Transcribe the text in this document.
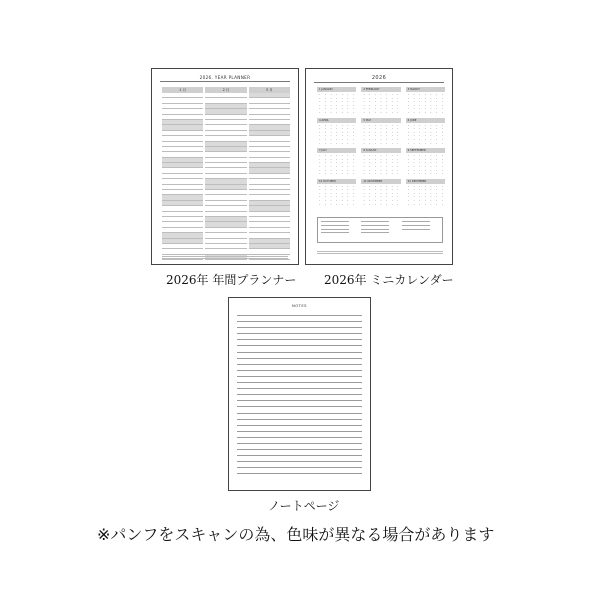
2026. YEAR PLANNER
1 月	2 月	3 月
2026年 年間プランナー
2026
1 JANUARY
·	·	·	·	·	·	·
·	·	·	·	·	·	·
·	·	·	·	·	·	·
·	·	·	·	·	·	·
·	·	·	·	·	·	·
·	·	·	·	·	·	·
2 FEBRUARY
·	·	·	·	·	·	·
·	·	·	·	·	·	·
·	·	·	·	·	·	·
·	·	·	·	·	·	·
·	·	·	·	·	·	·
·	·	·	·	·	·	·
3 MARCH
·	·	·	·	·	·	·
·	·	·	·	·	·	·
·	·	·	·	·	·	·
·	·	·	·	·	·	·
·	·	·	·	·	·	·
·	·	·	·	·	·	·
4 APRIL
·	·	·	·	·	·	·
·	·	·	·	·	·	·
·	·	·	·	·	·	·
·	·	·	·	·	·	·
·	·	·	·	·	·	·
·	·	·	·	·	·	·
5 MAY
·	·	·	·	·	·	·
·	·	·	·	·	·	·
·	·	·	·	·	·	·
·	·	·	·	·	·	·
·	·	·	·	·	·	·
·	·	·	·	·	·	·
6 JUNE
·	·	·	·	·	·	·
·	·	·	·	·	·	·
·	·	·	·	·	·	·
·	·	·	·	·	·	·
·	·	·	·	·	·	·
·	·	·	·	·	·	·
7 JULY
·	·	·	·	·	·	·
·	·	·	·	·	·	·
·	·	·	·	·	·	·
·	·	·	·	·	·	·
·	·	·	·	·	·	·
·	·	·	·	·	·	·
8 AUGUST
·	·	·	·	·	·	·
·	·	·	·	·	·	·
·	·	·	·	·	·	·
·	·	·	·	·	·	·
·	·	·	·	·	·	·
·	·	·	·	·	·	·
9 SEPTEMBER
·	·	·	·	·	·	·
·	·	·	·	·	·	·
·	·	·	·	·	·	·
·	·	·	·	·	·	·
·	·	·	·	·	·	·
·	·	·	·	·	·	·
10 OCTOBER
·	·	·	·	·	·	·
·	·	·	·	·	·	·
·	·	·	·	·	·	·
·	·	·	·	·	·	·
·	·	·	·	·	·	·
·	·	·	·	·	·	·
11 NOVEMBER
·	·	·	·	·	·	·
·	·	·	·	·	·	·
·	·	·	·	·	·	·
·	·	·	·	·	·	·
·	·	·	·	·	·	·
·	·	·	·	·	·	·
12 DECEMBER
·	·	·	·	·	·	·
·	·	·	·	·	·	·
·	·	·	·	·	·	·
·	·	·	·	·	·	·
·	·	·	·	·	·	·
·	·	·	·	·	·	·
2026年 ミニカレンダー
NOTES
ノートページ
※パンフをスキャンの為、色味が異なる場合があります
